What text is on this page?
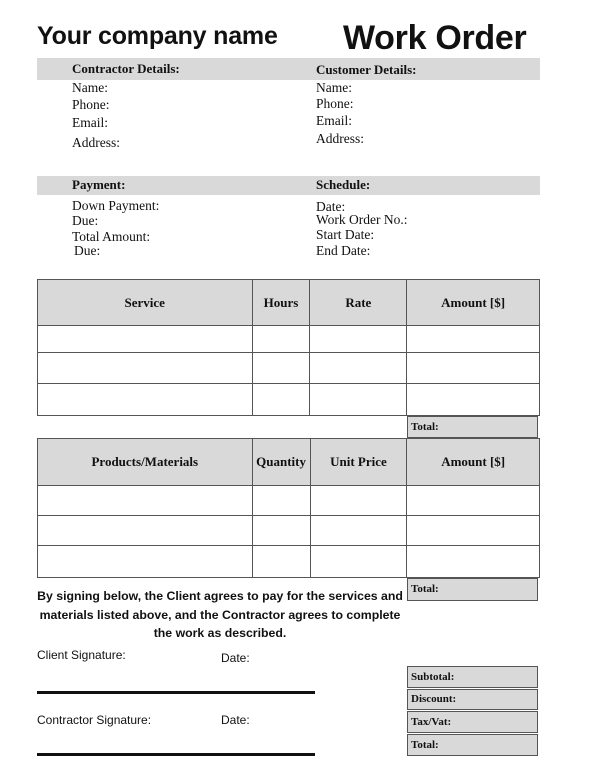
Your company name Work Order
Contractor Details:	Customer Details:
Name:
Phone:
Email:
Address:
Name:
Phone:
Email:
Address:
Payment:	Schedule:
Down Payment:
Due:
Total Amount:
Due:
Date:
Work Order No.:
Start Date:
End Date:
Service	Hours	Rate	Amount [$]

Total:
Products/Materials	Quantity	Unit Price	Amount [$]

Total:
By signing below, the Client agrees to pay for the services and materials listed above, and the Contractor agrees to complete the work as described.
Client Signature:	Date:
Contractor Signature:	Date:
Subtotal:
Discount:
Tax/Vat:
Total:
